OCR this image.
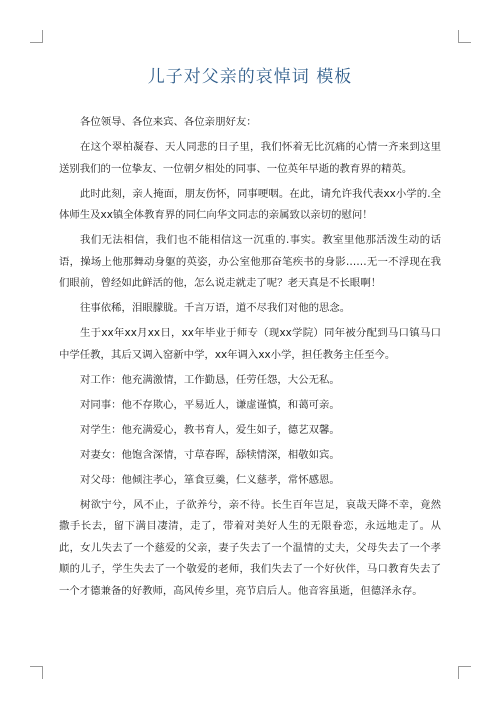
儿子对父亲的哀悼词 模板

各位领导、各位来宾、各位亲朋好友：

在这个翠柏凝春、天人同悲的日子里，我们怀着无比沉痛的心情一齐来到这里送别我们的一位挚友、一位朝夕相处的同事、一位英年早逝的教育界的精英。

此时此刻，亲人掩面，朋友伤怀，同事哽咽。在此，请允许我代表xx小学的.全体师生及xx镇全体教育界的同仁向华文同志的亲属致以亲切的慰问！

我们无法相信，我们也不能相信这一沉重的.事实。教室里他那活泼生动的话语，操场上他那舞动身躯的英姿，办公室他那奋笔疾书的身影……无一不浮现在我们眼前，曾经如此鲜活的他，怎么说走就走了呢？老天真是不长眼啊！

往事依稀，泪眼朦胧。千言万语，道不尽我们对他的思念。

生于xx年xx月xx日，xx年毕业于师专（现xx学院）同年被分配到马口镇马口中学任教，其后又调入窑新中学，xx年调入xx小学，担任教务主任至今。

对工作：他充满激情，工作勤恳，任劳任怨，大公无私。

对同事：他不存欺心，平易近人，谦虚谨慎，和蔼可亲。

对学生：他充满爱心，教书育人，爱生如子，德艺双馨。

对妻女：他饱含深情，寸草春晖，舔犊情深，相敬如宾。

对父母：他倾注孝心，箪食豆羹，仁义慈孝，常怀感恩。

树欲宁兮，风不止，子欲养兮，亲不待。长生百年岂足，哀哉天降不幸，竟然撒手长去，留下满目凄清，走了，带着对美好人生的无限眷恋，永远地走了。从此，女儿失去了一个慈爱的父亲，妻子失去了一个温情的丈夫，父母失去了一个孝顺的儿子，学生失去了一个敬爱的老师，我们失去了一个好伙伴，马口教育失去了一个才德兼备的好教师，高风传乡里，亮节启后人。他音容虽逝，但德泽永存。
